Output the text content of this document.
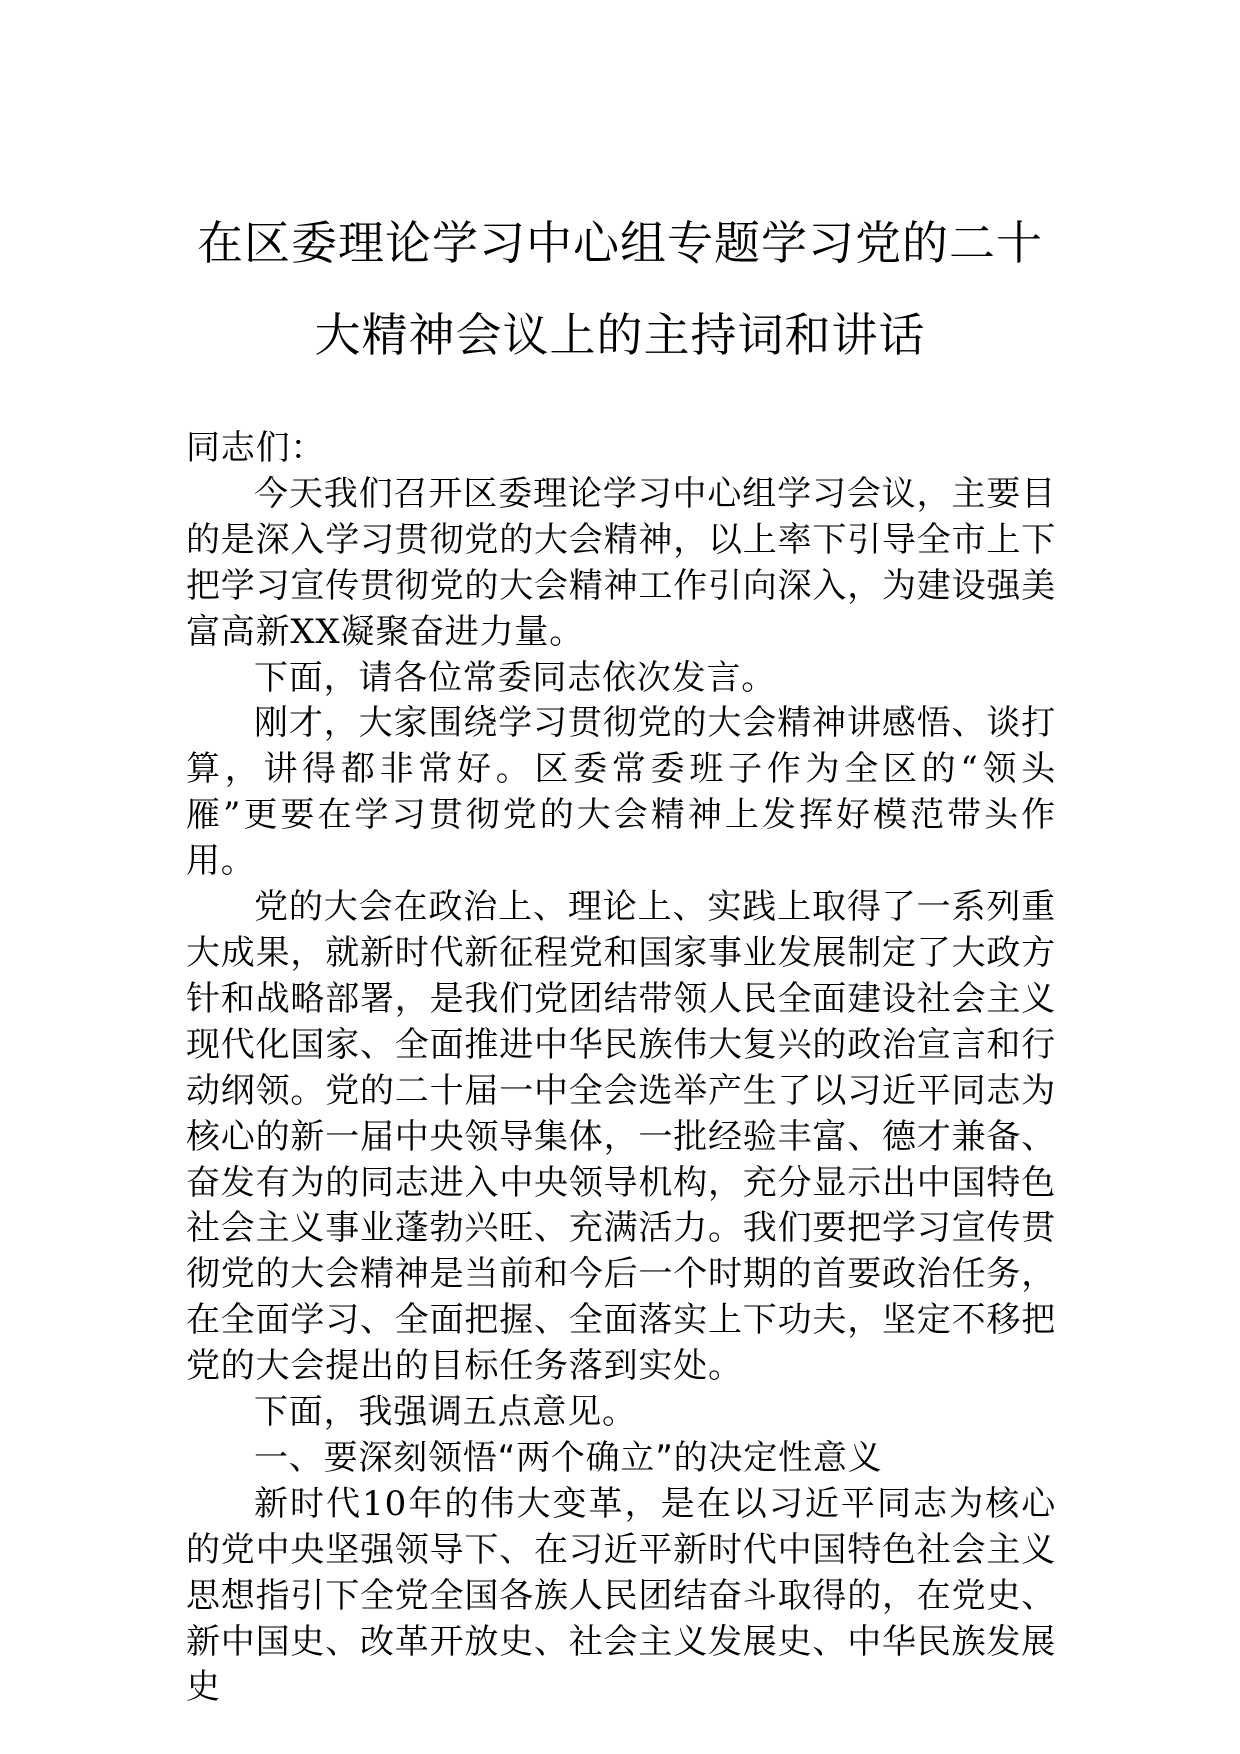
在区委理论学习中心组专题学习党的二十
大精神会议上的主持词和讲话

同志们：

今天我们召开区委理论学习中心组学习会议，主要目的是深入学习贯彻党的大会精神，以上率下引导全市上下把学习宣传贯彻党的大会精神工作引向深入，为建设强美富高新XX凝聚奋进力量。

下面，请各位常委同志依次发言。

刚才，大家围绕学习贯彻党的大会精神讲感悟、谈打算，讲得都非常好。区委常委班子作为全区的“领头雁”更要在学习贯彻党的大会精神上发挥好模范带头作用。

党的大会在政治上、理论上、实践上取得了一系列重大成果，就新时代新征程党和国家事业发展制定了大政方针和战略部署，是我们党团结带领人民全面建设社会主义现代化国家、全面推进中华民族伟大复兴的政治宣言和行动纲领。党的二十届一中全会选举产生了以习近平同志为核心的新一届中央领导集体，一批经验丰富、德才兼备、奋发有为的同志进入中央领导机构，充分显示出中国特色社会主义事业蓬勃兴旺、充满活力。我们要把学习宣传贯彻党的大会精神是当前和今后一个时期的首要政治任务，在全面学习、全面把握、全面落实上下功夫，坚定不移把党的大会提出的目标任务落到实处。

下面，我强调五点意见。

一、要深刻领悟“两个确立”的决定性意义

新时代10年的伟大变革，是在以习近平同志为核心的党中央坚强领导下、在习近平新时代中国特色社会主义思想指引下全党全国各族人民团结奋斗取得的，在党史、新中国史、改革开放史、社会主义发展史、中华民族发展史
